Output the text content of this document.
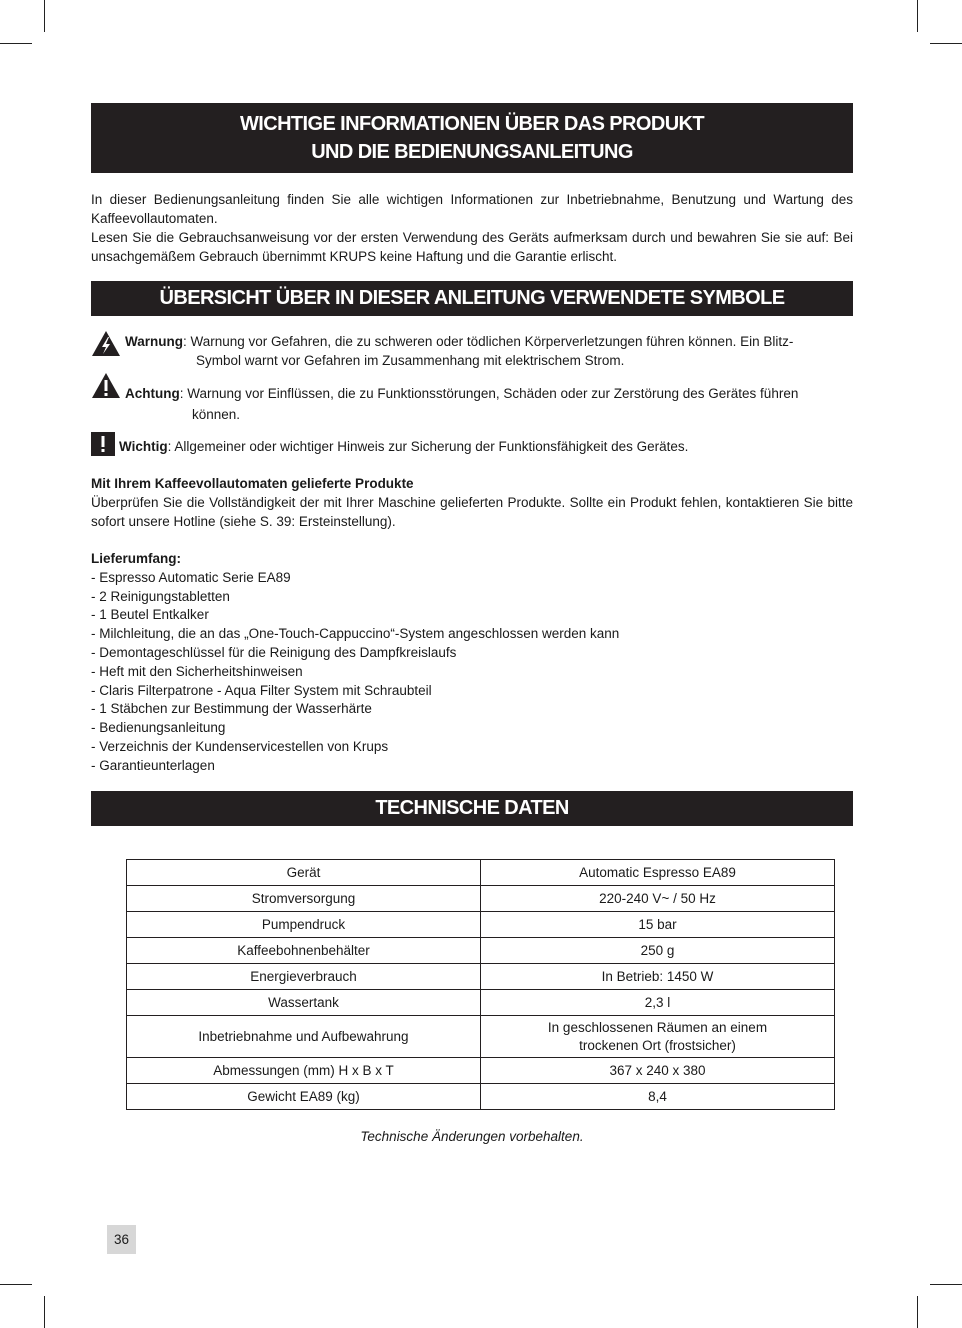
WICHTIGE INFORMATIONEN ÜBER DAS PRODUKT
UND DIE BEDIENUNGSANLEITUNG

In dieser Bedienungsanleitung finden Sie alle wichtigen Informationen zur Inbetriebnahme, Benutzung und Wartung des Kaffeevollautomaten.

Lesen Sie die Gebrauchsanweisung vor der ersten Verwendung des Geräts aufmerksam durch und bewahren Sie sie auf: Bei unsachgemäßem Gebrauch übernimmt KRUPS keine Haftung und die Garantie erlischt.

ÜBERSICHT ÜBER IN DIESER ANLEITUNG VERWENDETE SYMBOLE
Warnung: Warnung vor Gefahren, die zu schweren oder tödlichen Körperverletzungen führen können. Ein Blitz-
Symbol warnt vor Gefahren im Zusammenhang mit elektrischem Strom.
Achtung: Warnung vor Einflüssen, die zu Funktionsstörungen, Schäden oder zur Zerstörung des Gerätes führen
können.
Wichtig: Allgemeiner oder wichtiger Hinweis zur Sicherung der Funktionsfähigkeit des Gerätes.
Mit Ihrem Kaffeevollautomaten gelieferte Produkte

Überprüfen Sie die Vollständigkeit der mit Ihrer Maschine gelieferten Produkte. Sollte ein Produkt fehlen, kontaktieren Sie bitte sofort unsere Hotline (siehe S. 39: Ersteinstellung).

Lieferumfang:
- Espresso Automatic Serie EA89
- 2 Reinigungstabletten
- 1 Beutel Entkalker
- Milchleitung, die an das „One-Touch-Cappuccino“-System angeschlossen werden kann
- Demontageschlüssel für die Reinigung des Dampfkreislaufs
- Heft mit den Sicherheitshinweisen
- Claris Filterpatrone - Aqua Filter System mit Schraubteil
- 1 Stäbchen zur Bestimmung der Wasserhärte
- Bedienungsanleitung
- Verzeichnis der Kundenservicestellen von Krups
- Garantieunterlagen
TECHNISCHE DATEN
Gerät	Automatic Espresso EA89
Stromversorgung	220-240 V~ / 50 Hz
Pumpendruck	15 bar
Kaffeebohnenbehälter	250 g
Energieverbrauch	In Betrieb: 1450 W
Wassertank	2,3 l
Inbetriebnahme und Aufbewahrung	In geschlossenen Räumen an einem
trockenen Ort (frostsicher)
Abmessungen (mm) H x B x T	367 x 240 x 380
Gewicht EA89 (kg)	8,4
Technische Änderungen vorbehalten.
36
